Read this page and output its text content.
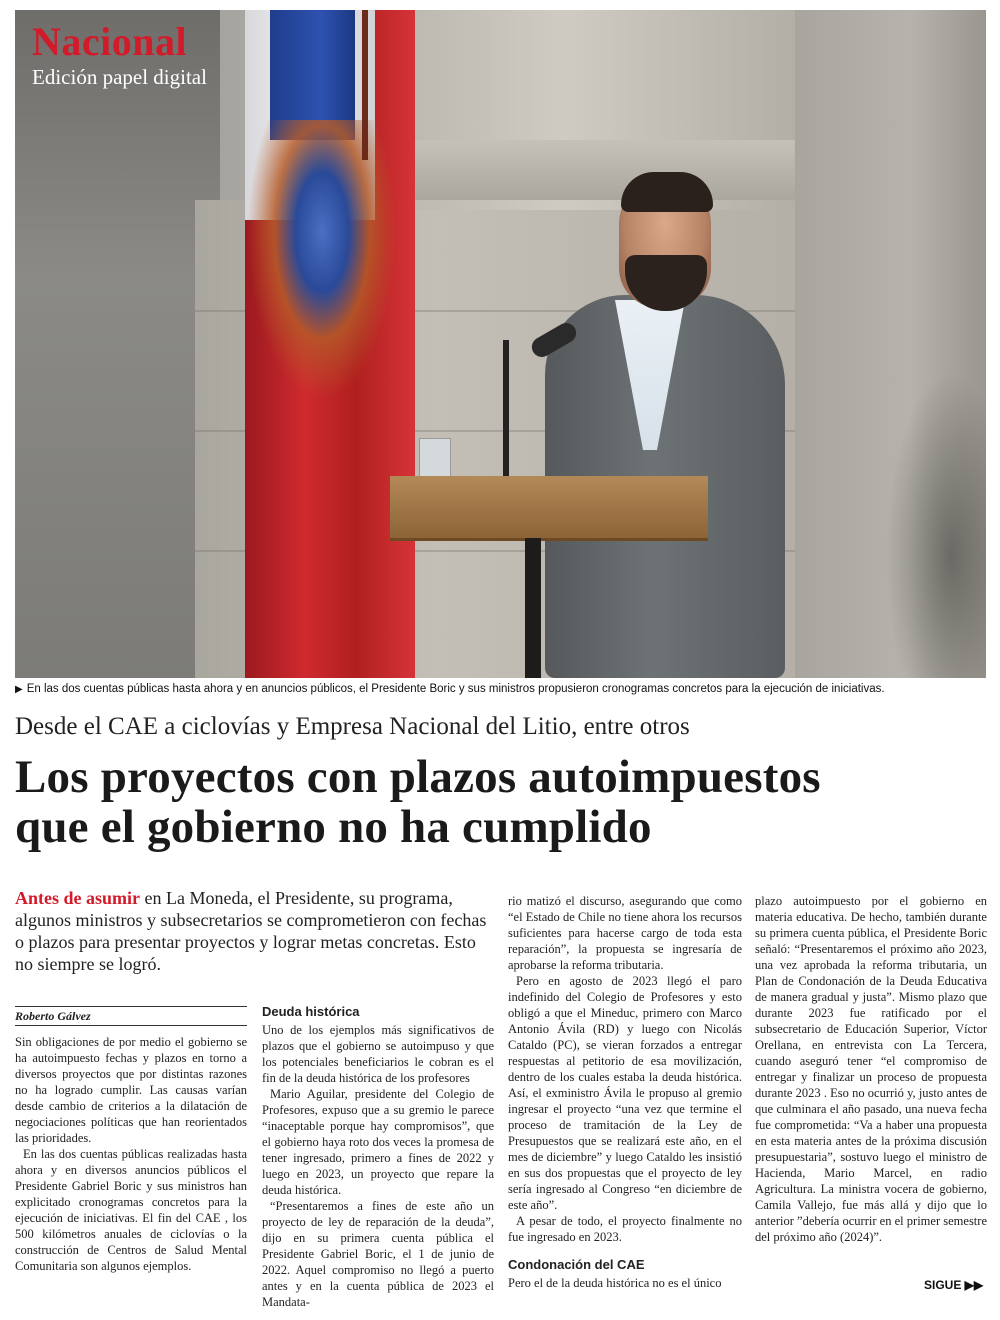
Nacional
Edición papel digital
▶ En las dos cuentas públicas hasta ahora y en anuncios públicos, el Presidente Boric y sus ministros propusieron cronogramas concretos para la ejecución de iniciativas.
Desde el CAE a ciclovías y Empresa Nacional del Litio, entre otros
Los proyectos con plazos autoimpuestos
que el gobierno no ha cumplido
Antes de asumir en La Moneda, el Presidente, su programa, algunos ministros y subsecretarios se comprometieron con fechas o plazos para presentar proyectos y lograr metas concretas. Esto no siempre se logró.
Roberto Gálvez

Sin obligaciones de por medio el gobierno se ha autoimpuesto fechas y plazos en torno a diversos proyectos que por distintas razones no ha logrado cumplir. Las causas varían desde cambio de criterios a la dilatación de negociaciones políticas que han reorientados las prioridades.

En las dos cuentas públicas realizadas hasta ahora y en diversos anuncios públicos el Presidente Gabriel Boric y sus ministros han explicitado cronogramas concretos para la ejecución de iniciativas. El fin del CAE , los 500 kilómetros anuales de ciclovías o la construcción de Centros de Salud Mental Comunitaria son algunos ejemplos.

Deuda histórica

Uno de los ejemplos más significativos de plazos que el gobierno se autoimpuso y que los potenciales beneficiarios le cobran es el fin de la deuda histórica de los profesores

Mario Aguilar, presidente del Colegio de Profesores, expuso que a su gremio le parece “inaceptable porque hay compromisos”, que el gobierno haya roto dos veces la promesa de tener ingresado, primero a fines de 2022 y luego en 2023, un proyecto que repare la deuda histórica.

“Presentaremos a fines de este año un proyecto de ley de reparación de la deuda”, dijo en su primera cuenta pública el Presidente Gabriel Boric, el 1 de junio de 2022. Aquel compromiso no llegó a puerto antes y en la cuenta pública de 2023 el Mandata-

rio matizó el discurso, asegurando que como “el Estado de Chile no tiene ahora los recursos suficientes para hacerse cargo de toda esta reparación”, la propuesta se ingresaría de aprobarse la reforma tributaria.

Pero en agosto de 2023 llegó el paro indefinido del Colegio de Profesores y esto obligó a que el Mineduc, primero con Marco Antonio Ávila (RD) y luego con Nicolás Cataldo (PC), se vieran forzados a entregar respuestas al petitorio de esa movilización, dentro de los cuales estaba la deuda histórica. Así, el exministro Ávila le propuso al gremio ingresar el proyecto “una vez que termine el proceso de tramitación de la Ley de Presupuestos que se realizará este año, en el mes de diciembre” y luego Cataldo les insistió en sus dos propuestas que el proyecto de ley sería ingresado al Congreso “en diciembre de este año”.

A pesar de todo, el proyecto finalmente no fue ingresado en 2023.

Condonación del CAE

Pero el de la deuda histórica no es el único

plazo autoimpuesto por el gobierno en materia educativa. De hecho, también durante su primera cuenta pública, el Presidente Boric señaló: “Presentaremos el próximo año 2023, una vez aprobada la reforma tributaria, un Plan de Condonación de la Deuda Educativa de manera gradual y justa”. Mismo plazo que durante 2023 fue ratificado por el subsecretario de Educación Superior, Víctor Orellana, en entrevista con La Tercera, cuando aseguró tener “el compromiso de entregar y finalizar un proceso de propuesta durante 2023 . Eso no ocurrió y, justo antes de que culminara el año pasado, una nueva fecha fue comprometida: “Va a haber una propuesta en esta materia antes de la próxima discusión presupuestaria”, sostuvo luego el ministro de Hacienda, Mario Marcel, en radio Agricultura. La ministra vocera de gobierno, Camila Vallejo, fue más allá y dijo que lo anterior ”debería ocurrir en el primer semestre del próximo año (2024)”.

SIGUE ▶▶
